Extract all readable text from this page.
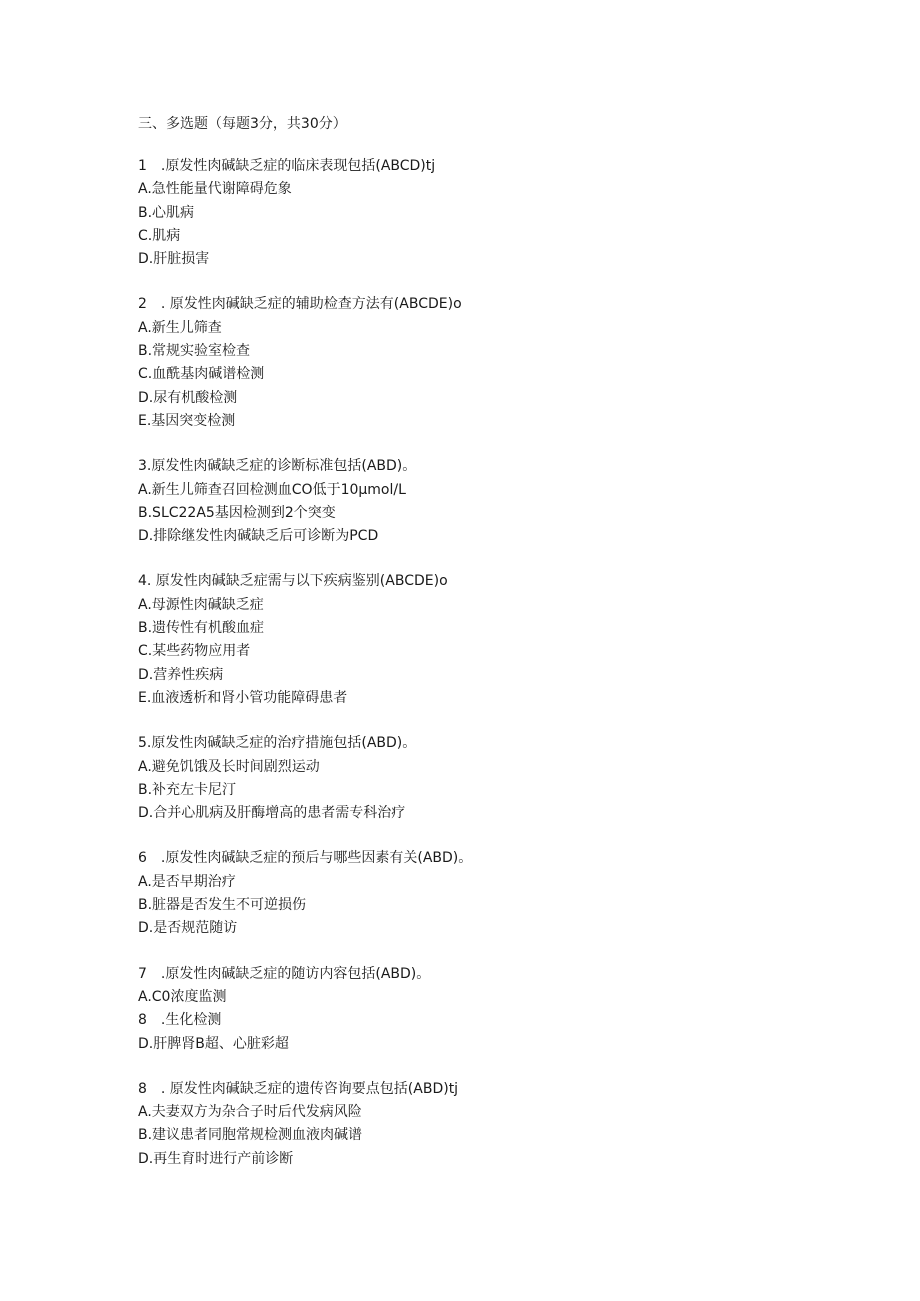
三、多选题（每题3分，共30分）
1　.原发性肉碱缺乏症的临床表现包括(ABCD)tj
A.急性能量代谢障碍危象
B.心肌病
C.肌病
D.肝脏损害
2　. 原发性肉碱缺乏症的辅助检查方法有(ABCDE)o
A.新生儿筛查
B.常规实验室检查
C.血酰基肉碱谱检测
D.尿有机酸检测
E.基因突变检测
3.原发性肉碱缺乏症的诊断标准包括(ABD)。
A.新生儿筛查召回检测血CO低于10μmol/L
B.SLC22A5基因检测到2个突变
D.排除继发性肉碱缺乏后可诊断为PCD
4. 原发性肉碱缺乏症需与以下疾病鉴别(ABCDE)o
A.母源性肉碱缺乏症
B.遗传性有机酸血症
C.某些药物应用者
D.营养性疾病
E.血液透析和肾小管功能障碍患者
5.原发性肉碱缺乏症的治疗措施包括(ABD)。
A.避免饥饿及长时间剧烈运动
B.补充左卡尼汀
D.合并心肌病及肝酶增高的患者需专科治疗
6　.原发性肉碱缺乏症的预后与哪些因素有关(ABD)。
A.是否早期治疗
B.脏器是否发生不可逆损伤
D.是否规范随访
7　.原发性肉碱缺乏症的随访内容包括(ABD)。
A.C0浓度监测
8　.生化检测
D.肝脾肾B超、心脏彩超
8　. 原发性肉碱缺乏症的遗传咨询要点包括(ABD)tj
A.夫妻双方为杂合子时后代发病风险
B.建议患者同胞常规检测血液肉碱谱
D.再生育时进行产前诊断
